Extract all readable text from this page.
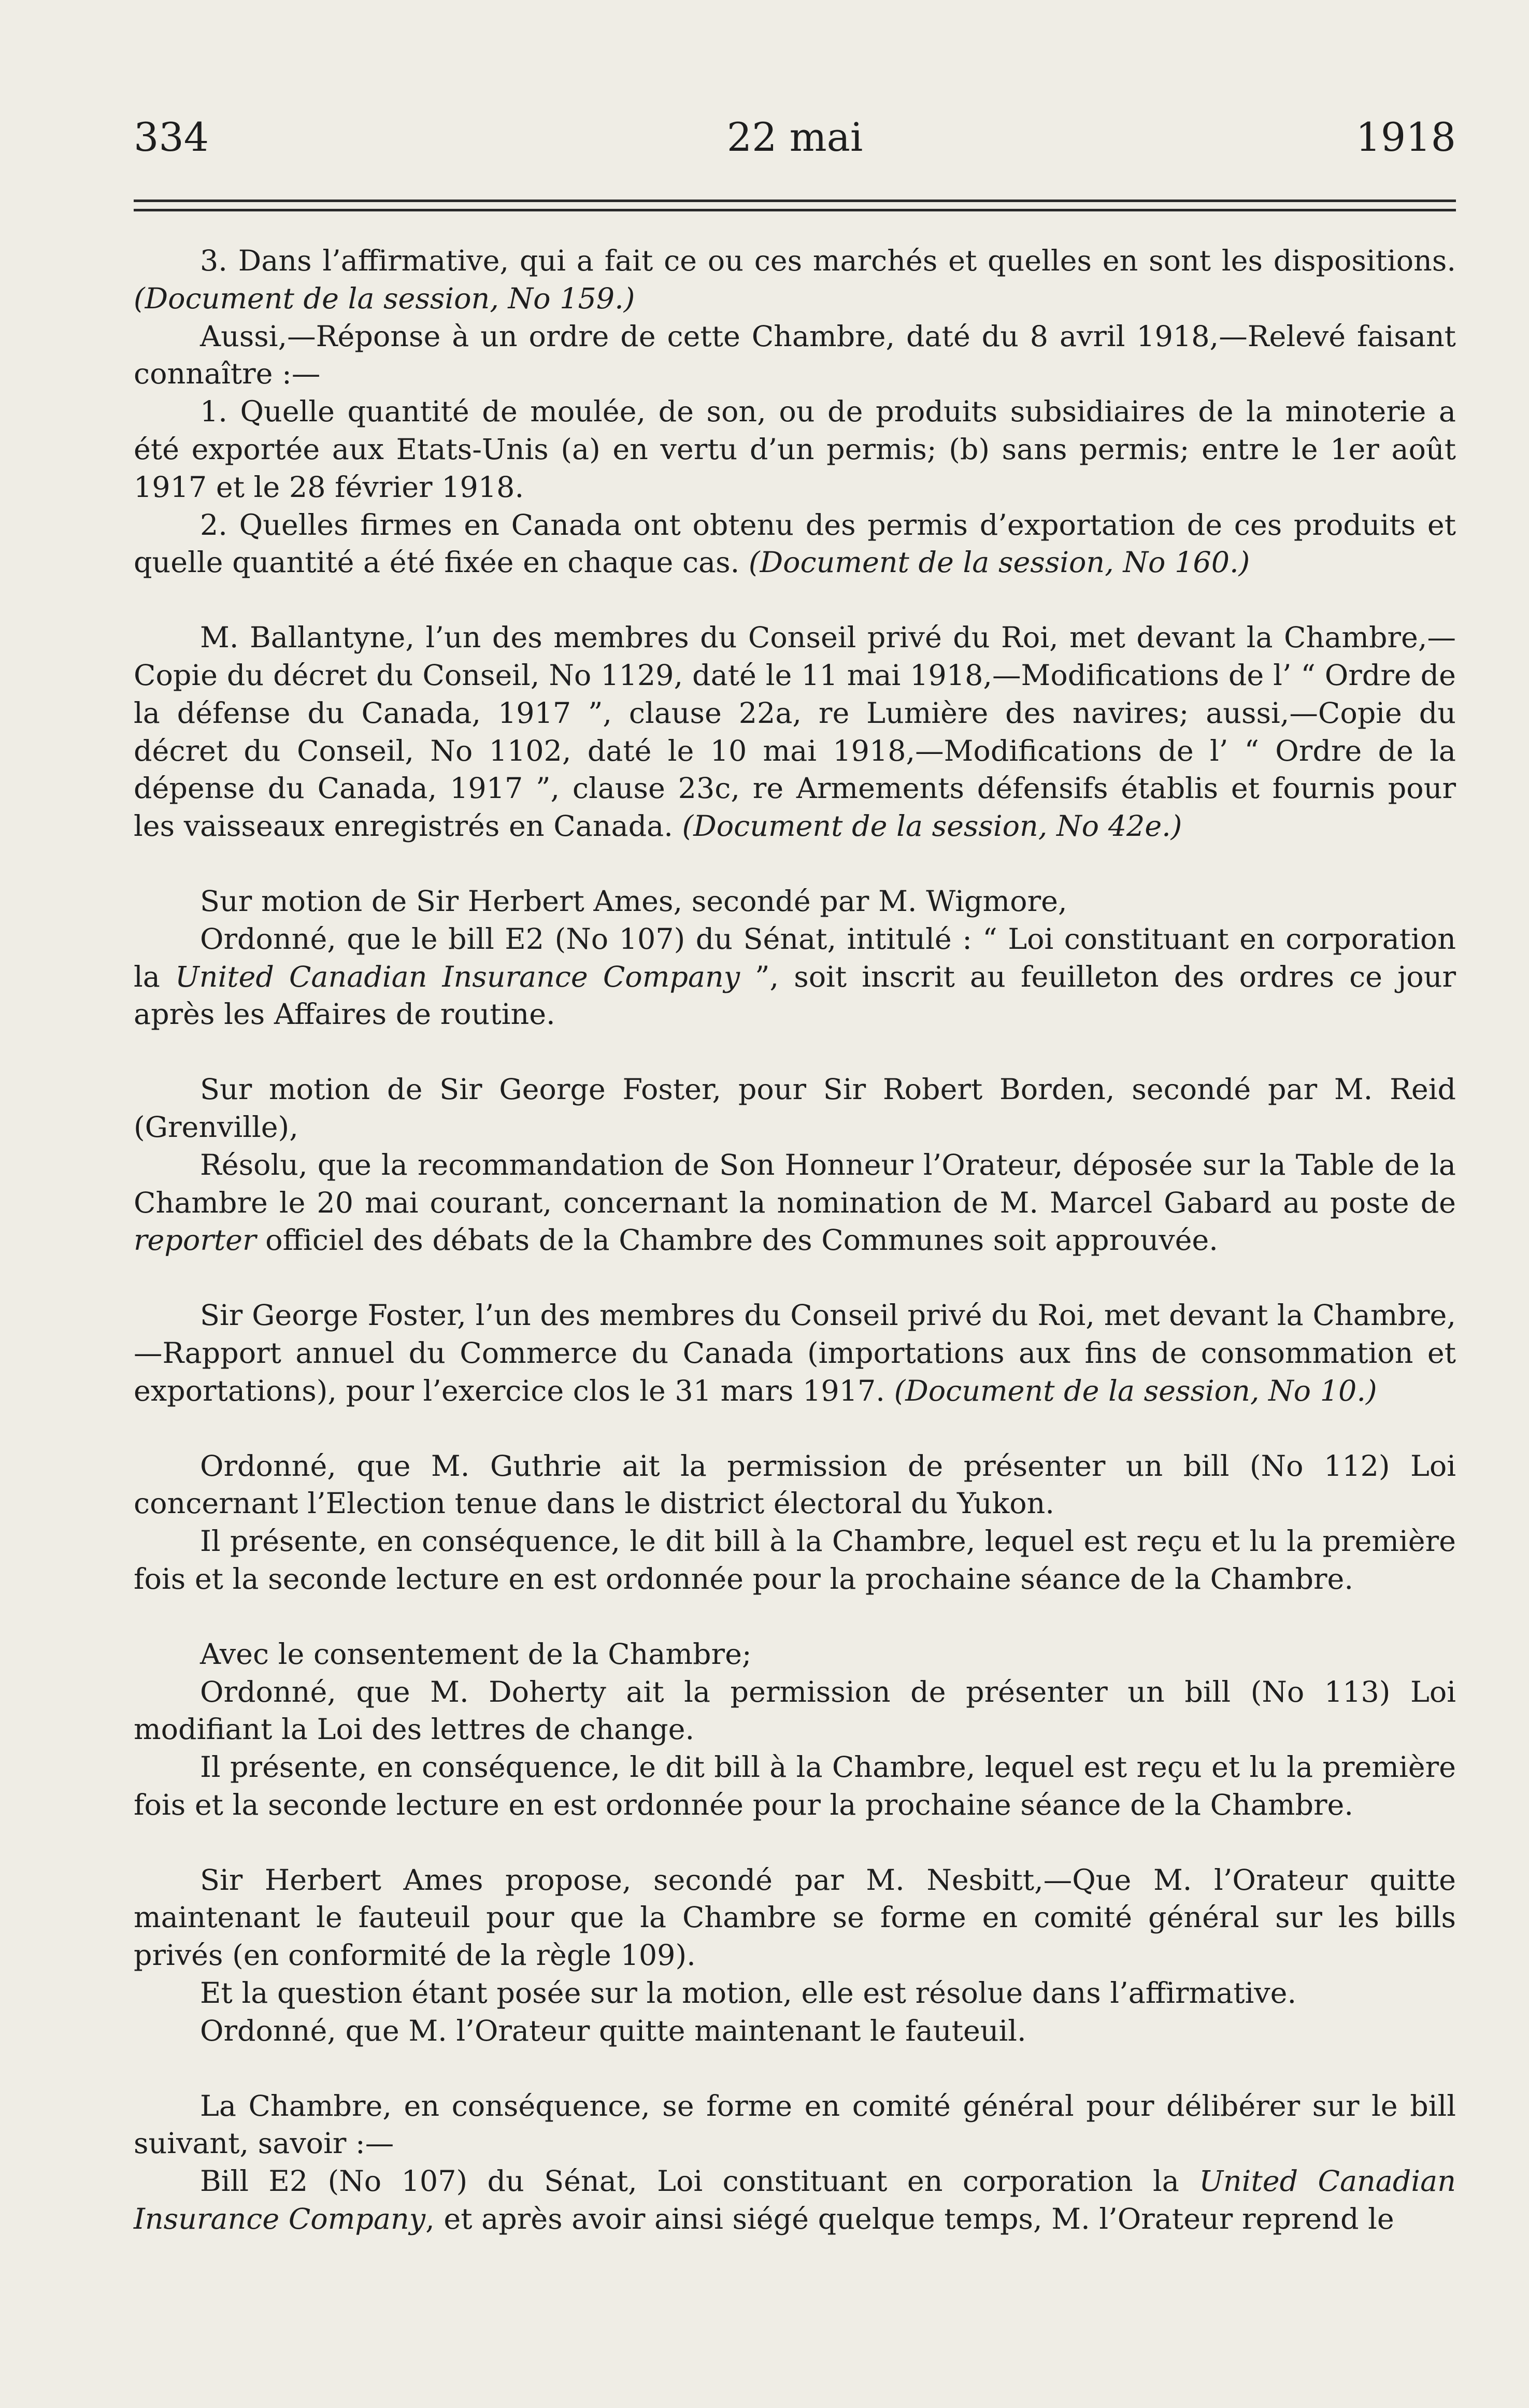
334	22 mai	1918

3. Dans l’affirmative, qui a fait ce ou ces marchés et quelles en sont les dispositions. (Document de la session, No 159.)

Aussi,—Réponse à un ordre de cette Chambre, daté du 8 avril 1918,—Relevé faisant connaître :—

1. Quelle quantité de moulée, de son, ou de produits subsidiaires de la minoterie a été exportée aux Etats-Unis (a) en vertu d’un permis; (b) sans permis; entre le 1er août 1917 et le 28 février 1918.

2. Quelles firmes en Canada ont obtenu des permis d’exportation de ces produits et quelle quantité a été fixée en chaque cas. (Document de la session, No 160.)

M. Ballantyne, l’un des membres du Conseil privé du Roi, met devant la Chambre,—Copie du décret du Conseil, No 1129, daté le 11 mai 1918,—Modifications de l’ “ Ordre de la défense du Canada, 1917 ”, clause 22a, re Lumière des navires; aussi,—Copie du décret du Conseil, No 1102, daté le 10 mai 1918,—Modifications de l’ “ Ordre de la dépense du Canada, 1917 ”, clause 23c, re Armements défensifs établis et fournis pour les vaisseaux enregistrés en Canada. (Document de la session, No 42e.)

Sur motion de Sir Herbert Ames, secondé par M. Wigmore,

Ordonné, que le bill E2 (No 107) du Sénat, intitulé : “ Loi constituant en corporation la United Canadian Insurance Company ”, soit inscrit au feuilleton des ordres ce jour après les Affaires de routine.

Sur motion de Sir George Foster, pour Sir Robert Borden, secondé par M. Reid (Grenville),

Résolu, que la recommandation de Son Honneur l’Orateur, déposée sur la Table de la Chambre le 20 mai courant, concernant la nomination de M. Marcel Gabard au poste de reporter officiel des débats de la Chambre des Communes soit approuvée.

Sir George Foster, l’un des membres du Conseil privé du Roi, met devant la Chambre,—Rapport annuel du Commerce du Canada (importations aux fins de consommation et exportations), pour l’exercice clos le 31 mars 1917. (Document de la session, No 10.)

Ordonné, que M. Guthrie ait la permission de présenter un bill (No 112) Loi concernant l’Election tenue dans le district électoral du Yukon.

Il présente, en conséquence, le dit bill à la Chambre, lequel est reçu et lu la première fois et la seconde lecture en est ordonnée pour la prochaine séance de la Chambre.

Avec le consentement de la Chambre;

Ordonné, que M. Doherty ait la permission de présenter un bill (No 113) Loi modifiant la Loi des lettres de change.

Il présente, en conséquence, le dit bill à la Chambre, lequel est reçu et lu la première fois et la seconde lecture en est ordonnée pour la prochaine séance de la Chambre.

Sir Herbert Ames propose, secondé par M. Nesbitt,—Que M. l’Orateur quitte maintenant le fauteuil pour que la Chambre se forme en comité général sur les bills privés (en conformité de la règle 109).

Et la question étant posée sur la motion, elle est résolue dans l’affirmative.

Ordonné, que M. l’Orateur quitte maintenant le fauteuil.

La Chambre, en conséquence, se forme en comité général pour délibérer sur le bill suivant, savoir :—

Bill E2 (No 107) du Sénat, Loi constituant en corporation la United Canadian Insurance Company, et après avoir ainsi siégé quelque temps, M. l’Orateur reprend le
